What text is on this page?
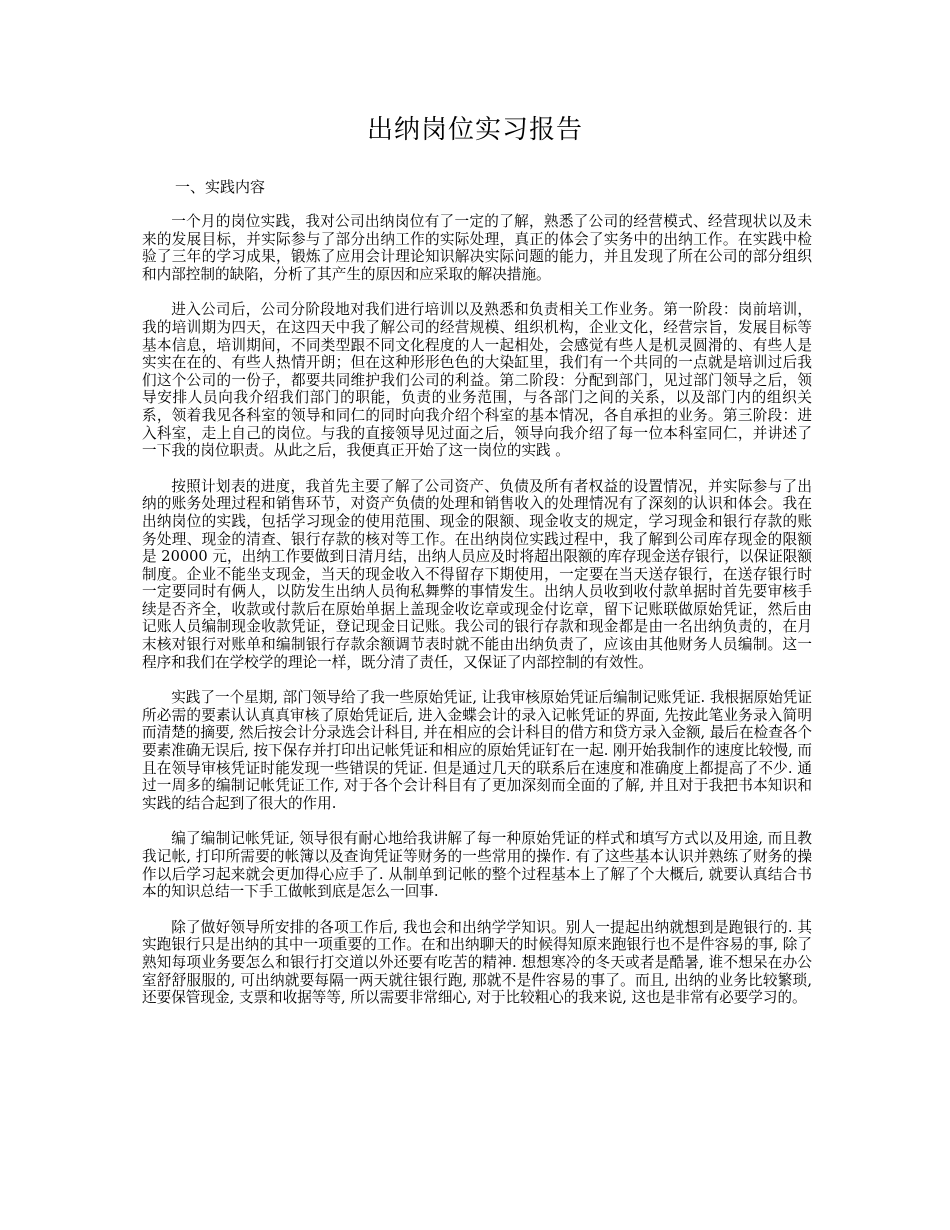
出纳岗位实习报告
一、实践内容

一个月的岗位实践，我对公司出纳岗位有了一定的了解，熟悉了公司的经营模式、经营现状以及未来的发展目标，并实际参与了部分出纳工作的实际处理，真正的体会了实务中的出纳工作。在实践中检验了三年的学习成果，锻炼了应用会计理论知识解决实际问题的能力，并且发现了所在公司的部分组织和内部控制的缺陷，分析了其产生的原因和应采取的解决措施。

进入公司后，公司分阶段地对我们进行培训以及熟悉和负责相关工作业务。第一阶段：岗前培训，我的培训期为四天，在这四天中我了解公司的经营规模、组织机构，企业文化，经营宗旨，发展目标等基本信息，培训期间，不同类型跟不同文化程度的人一起相处，会感觉有些人是机灵圆滑的、有些人是实实在在的、有些人热情开朗；但在这种形形色色的大染缸里，我们有一个共同的一点就是培训过后我们这个公司的一份子，都要共同维护我们公司的利益。第二阶段：分配到部门，见过部门领导之后，领导安排人员向我介绍我们部门的职能，负责的业务范围，与各部门之间的关系，以及部门内的组织关系，领着我见各科室的领导和同仁的同时向我介绍个科室的基本情况，各自承担的业务。第三阶段：进入科室，走上自己的岗位。与我的直接领导见过面之后，领导向我介绍了每一位本科室同仁，并讲述了一下我的岗位职责。从此之后，我便真正开始了这一岗位的实践 。

按照计划表的进度，我首先主要了解了公司资产、负债及所有者权益的设置情况，并实际参与了出纳的账务处理过程和销售环节，对资产负债的处理和销售收入的处理情况有了深刻的认识和体会。我在出纳岗位的实践，包括学习现金的使用范围、现金的限额、现金收支的规定，学习现金和银行存款的账务处理、现金的清查、银行存款的核对等工作。在出纳岗位实践过程中，我了解到公司库存现金的限额是 20000 元，出纳工作要做到日清月结，出纳人员应及时将超出限额的库存现金送存银行，以保证限额制度。企业不能坐支现金，当天的现金收入不得留存下期使用，一定要在当天送存银行，在送存银行时一定要同时有俩人，以防发生出纳人员徇私舞弊的事情发生。出纳人员收到收付款单据时首先要审核手续是否齐全，收款或付款后在原始单据上盖现金收讫章或现金付讫章，留下记账联做原始凭证，然后由记账人员编制现金收款凭证，登记现金日记账。我公司的银行存款和现金都是由一名出纳负责的，在月末核对银行对账单和编制银行存款余额调节表时就不能由出纳负责了，应该由其他财务人员编制。这一程序和我们在学校学的理论一样，既分清了责任，又保证了内部控制的有效性。

实践了一个星期, 部门领导给了我一些原始凭证, 让我审核原始凭证后编制记账凭证. 我根据原始凭证所必需的要素认认真真审核了原始凭证后, 进入金蝶会计的录入记帐凭证的界面, 先按此笔业务录入简明而清楚的摘要, 然后按会计分录选会计科目, 并在相应的会计科目的借方和贷方录入金额, 最后在检查各个要素准确无误后, 按下保存并打印出记帐凭证和相应的原始凭证钉在一起. 刚开始我制作的速度比较慢, 而且在领导审核凭证时能发现一些错误的凭证. 但是通过几天的联系后在速度和准确度上都提高了不少. 通过一周多的编制记帐凭证工作, 对于各个会计科目有了更加深刻而全面的了解, 并且对于我把书本知识和实践的结合起到了很大的作用.

编了编制记帐凭证, 领导很有耐心地给我讲解了每一种原始凭证的样式和填写方式以及用途, 而且教我记帐, 打印所需要的帐簿以及查询凭证等财务的一些常用的操作. 有了这些基本认识并熟练了财务的操作以后学习起来就会更加得心应手了. 从制单到记帐的整个过程基本上了解了个大概后, 就要认真结合书本的知识总结一下手工做帐到底是怎么一回事.

除了做好领导所安排的各项工作后, 我也会和出纳学学知识。别人一提起出纳就想到是跑银行的. 其实跑银行只是出纳的其中一项重要的工作。在和出纳聊天的时候得知原来跑银行也不是件容易的事, 除了熟知每项业务要怎么和银行打交道以外还要有吃苦的精神. 想想寒冷的冬天或者是酷暑, 谁不想呆在办公室舒舒服服的, 可出纳就要每隔一两天就往银行跑, 那就不是件容易的事了。而且, 出纳的业务比较繁琐, 还要保管现金, 支票和收据等等, 所以需要非常细心, 对于比较粗心的我来说, 这也是非常有必要学习的。
